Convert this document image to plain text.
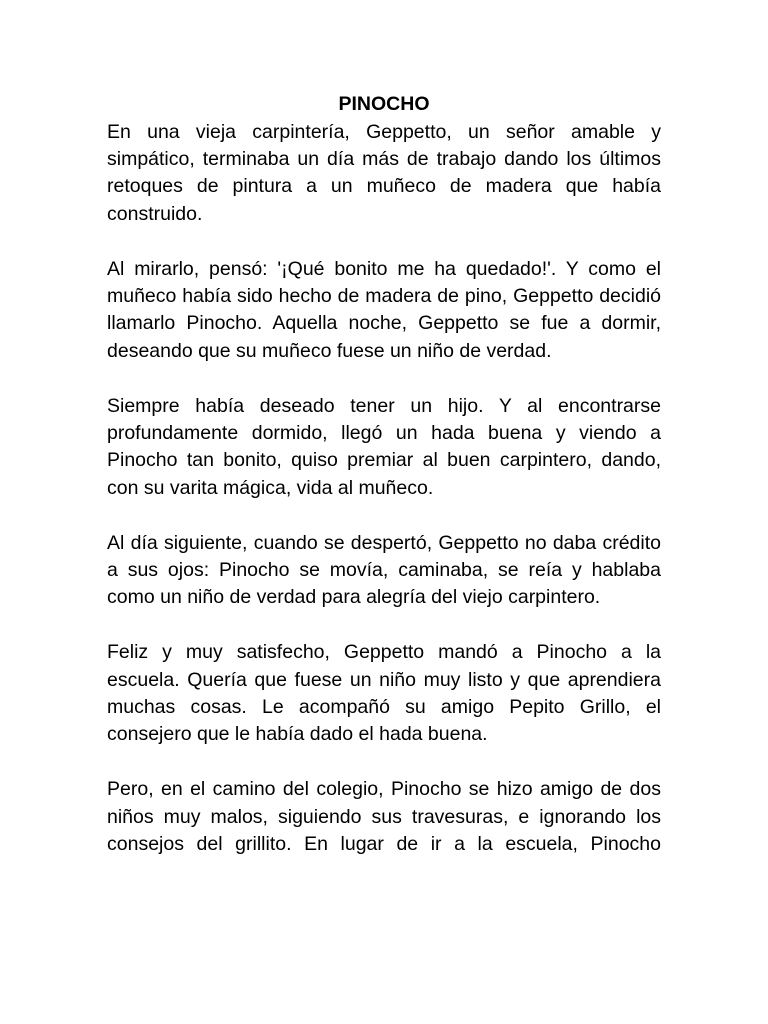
PINOCHO

En una vieja carpintería, Geppetto, un señor amable y simpático, terminaba un día más de trabajo dando los últimos retoques de pintura a un muñeco de madera que había construido.

Al mirarlo, pensó: '¡Qué bonito me ha quedado!'. Y como el muñeco había sido hecho de madera de pino, Geppetto decidió llamarlo Pinocho. Aquella noche, Geppetto se fue a dormir, deseando que su muñeco fuese un niño de verdad.

Siempre había deseado tener un hijo. Y al encontrarse profundamente dormido, llegó un hada buena y viendo a Pinocho tan bonito, quiso premiar al buen carpintero, dando, con su varita mágica, vida al muñeco.

Al día siguiente, cuando se despertó, Geppetto no daba crédito a sus ojos: Pinocho se movía, caminaba, se reía y hablaba como un niño de verdad para alegría del viejo carpintero.

Feliz y muy satisfecho, Geppetto mandó a Pinocho a la escuela. Quería que fuese un niño muy listo y que aprendiera muchas cosas. Le acompañó su amigo Pepito Grillo, el consejero que le había dado el hada buena.

Pero, en el camino del colegio, Pinocho se hizo amigo de dos niños muy malos, siguiendo sus travesuras, e ignorando los consejos del grillito. En lugar de ir a la escuela, Pinocho
